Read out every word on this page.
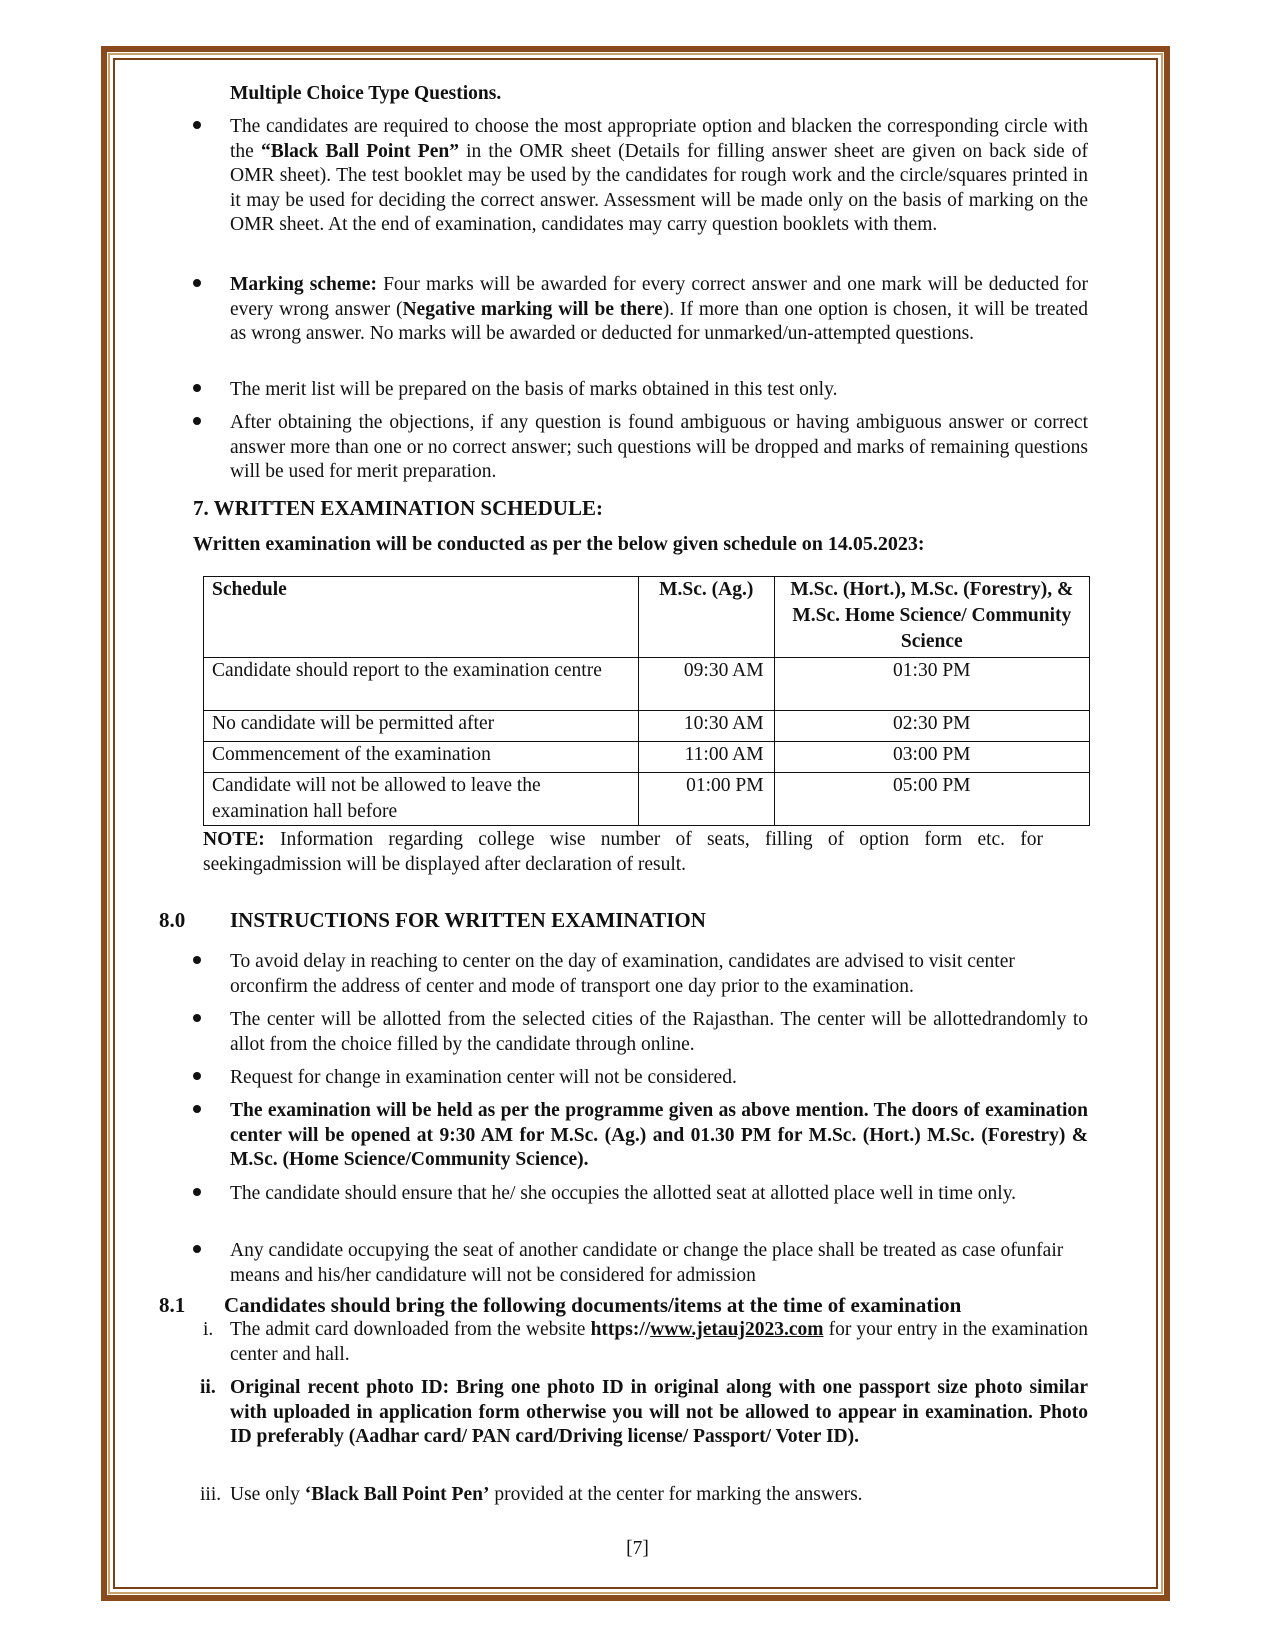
Multiple Choice Type Questions.
The candidates are required to choose the most appropriate option and blacken the corresponding circle with the “Black Ball Point Pen” in the OMR sheet (Details for filling answer sheet are given on back side of OMR sheet). The test booklet may be used by the candidates for rough work and the circle/squares printed in it may be used for deciding the correct answer. Assessment will be made only on the basis of marking on the OMR sheet. At the end of examination, candidates may carry question booklets with them.
Marking scheme: Four marks will be awarded for every correct answer and one mark will be deducted for every wrong answer (Negative marking will be there). If more than one option is chosen, it will be treated as wrong answer. No marks will be awarded or deducted for unmarked/un-attempted questions.
The merit list will be prepared on the basis of marks obtained in this test only.
After obtaining the objections, if any question is found ambiguous or having ambiguous answer or correct answer more than one or no correct answer; such questions will be dropped and marks of remaining questions will be used for merit preparation.
7. WRITTEN EXAMINATION SCHEDULE:
Written examination will be conducted as per the below given schedule on 14.05.2023:
Schedule	M.Sc. (Ag.)	M.Sc. (Hort.), M.Sc. (Forestry), & M.Sc. Home Science/ Community Science
Candidate should report to the examination centre	09:30 AM	01:30 PM
No candidate will be permitted after	10:30 AM	02:30 PM
Commencement of the examination	11:00 AM	03:00 PM
Candidate will not be allowed to leave the examination hall before	01:00 PM	05:00 PM
NOTE: Information regarding college wise number of seats, filling of option form etc. for seekingadmission will be displayed after declaration of result.
8.0 INSTRUCTIONS FOR WRITTEN EXAMINATION
To avoid delay in reaching to center on the day of examination, candidates are advised to visit center orconfirm the address of center and mode of transport one day prior to the examination.
The center will be allotted from the selected cities of the Rajasthan. The center will be allottedrandomly to allot from the choice filled by the candidate through online.
Request for change in examination center will not be considered.
The examination will be held as per the programme given as above mention. The doors of examination center will be opened at 9:30 AM for M.Sc. (Ag.) and 01.30 PM for M.Sc. (Hort.) M.Sc. (Forestry) & M.Sc. (Home Science/Community Science).
The candidate should ensure that he/ she occupies the allotted seat at allotted place well in time only.
Any candidate occupying the seat of another candidate or change the place shall be treated as case ofunfair means and his/her candidature will not be considered for admission
8.1 Candidates should bring the following documents/items at the time of examination
i. The admit card downloaded from the website https://www.jetauj2023.com for your entry in the examination center and hall.
ii. Original recent photo ID: Bring one photo ID in original along with one passport size photo similar with uploaded in application form otherwise you will not be allowed to appear in examination. Photo ID preferably (Aadhar card/ PAN card/Driving license/ Passport/ Voter ID).
iii. Use only ‘Black Ball Point Pen’ provided at the center for marking the answers.
[7]
